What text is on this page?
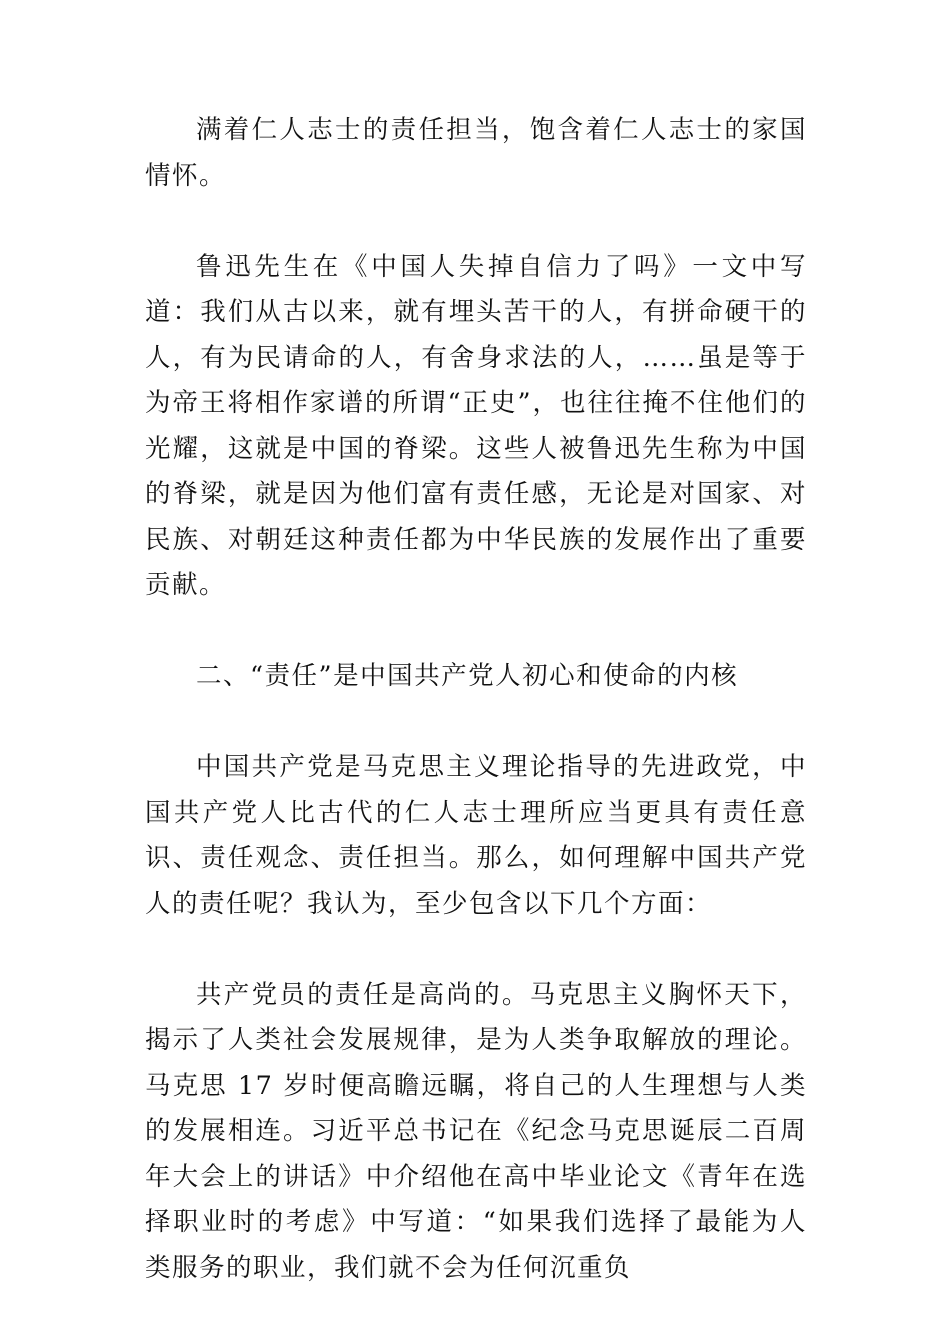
满着仁人志士的责任担当，饱含着仁人志士的家国情怀。

鲁迅先生在《中国人失掉自信力了吗》一文中写道：我们从古以来，就有埋头苦干的人，有拼命硬干的人，有为民请命的人，有舍身求法的人，……虽是等于为帝王将相作家谱的所谓“正史”，也往往掩不住他们的光耀，这就是中国的脊梁。这些人被鲁迅先生称为中国的脊梁，就是因为他们富有责任感，无论是对国家、对民族、对朝廷这种责任都为中华民族的发展作出了重要贡献。

二、“责任”是中国共产党人初心和使命的内核

中国共产党是马克思主义理论指导的先进政党，中国共产党人比古代的仁人志士理所应当更具有责任意识、责任观念、责任担当。那么，如何理解中国共产党人的责任呢？我认为，至少包含以下几个方面：

共产党员的责任是高尚的。马克思主义胸怀天下，揭示了人类社会发展规律，是为人类争取解放的理论。马克思 17 岁时便高瞻远瞩，将自己的人生理想与人类的发展相连。习近平总书记在《纪念马克思诞辰二百周年大会上的讲话》中介绍他在高中毕业论文《青年在选择职业时的考虑》中写道：“如果我们选择了最能为人类服务的职业，我们就不会为任何沉重负
